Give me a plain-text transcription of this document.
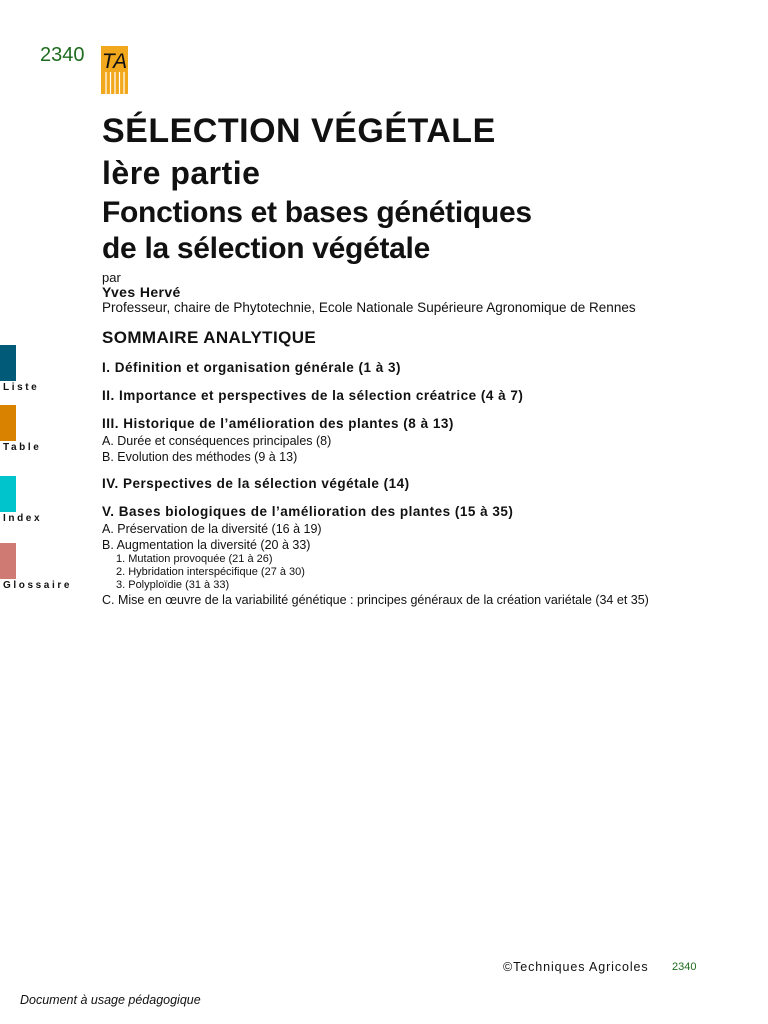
2340 TA
SÉLECTION VÉGÉTALE
lère partie
Fonctions et bases génétiques
de la sélection végétale
par
Yves Hervé
Professeur, chaire de Phytotechnie, Ecole Nationale Supérieure Agronomique de Rennes
SOMMAIRE ANALYTIQUE
I. Définition et organisation générale (1 à 3)
II. Importance et perspectives de la sélection créatrice (4 à 7)
III. Historique de l’amélioration des plantes (8 à 13)
A. Durée et conséquences principales (8)
B. Evolution des méthodes (9 à 13)
IV. Perspectives de la sélection végétale (14)
V. Bases biologiques de l’amélioration des plantes (15 à 35)
A. Préservation de la diversité (16 à 19)
B. Augmentation la diversité (20 à 33)
1. Mutation provoquée (21 à 26)
2. Hybridation interspécifique (27 à 30)
3. Polyploïdie (31 à 33)
C. Mise en œuvre de la variabilité génétique : principes généraux de la création variétale (34 et 35)
Liste
Table
Index
Glossaire
©Techniques Agricoles 2340
Document à usage pédagogique
